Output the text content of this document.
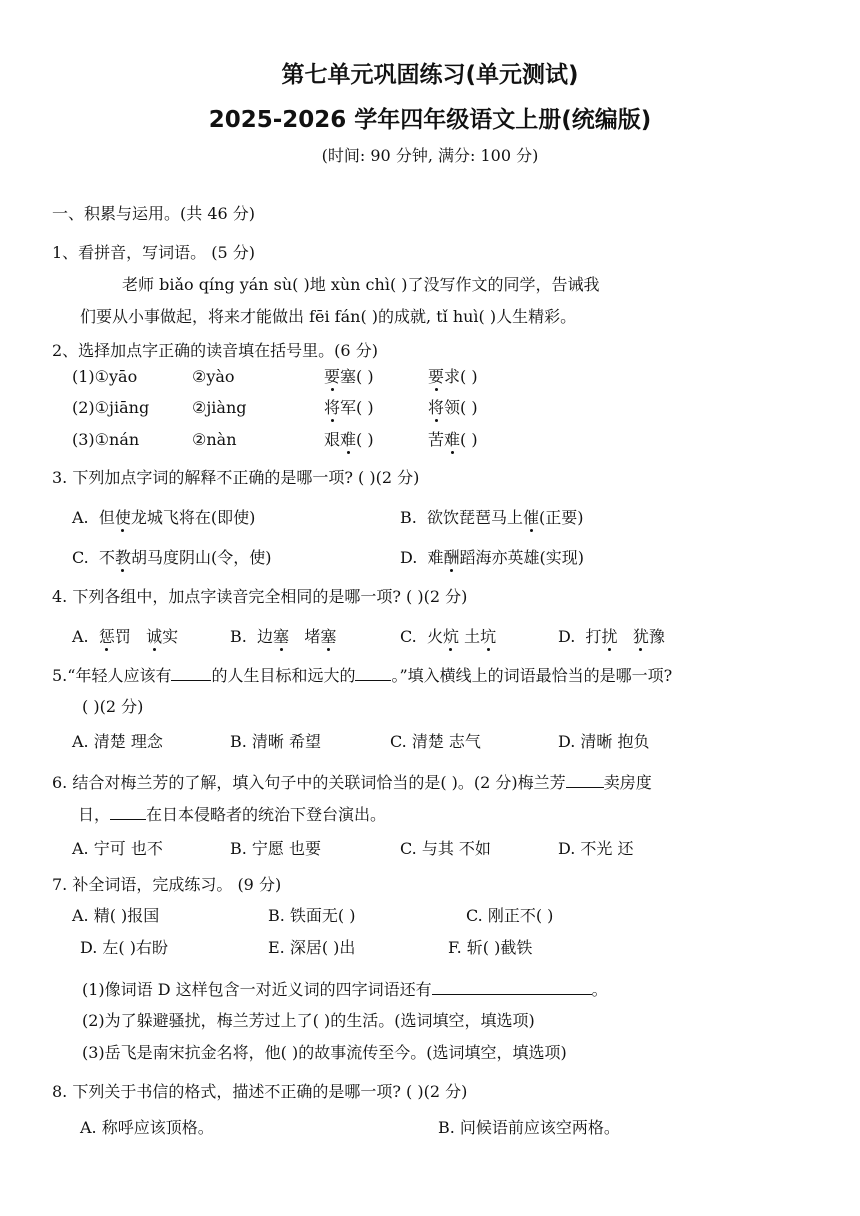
第七单元巩固练习(单元测试)
2025-2026 学年四年级语文上册(统编版)
(时间: 90 分钟, 满分: 100 分)
一、积累与运用。(共 46 分)
1、看拼音，写词语。 (5 分)
老师 biǎo qíng yán sù( )地 xùn chì( )了没写作文的同学，告诫我
们要从小事做起，将来才能做出 fēi fán( )的成就, tǐ huì( )人生精彩。
2、选择加点字正确的读音填在括号里。(6 分)
(1)①yāo	②yào	要塞( )	要求( )
(2)①jiāng	②jiàng	将军( )	将领( )
(3)①nán	②nàn	艰难( )	苦难( )
3. 下列加点字词的解释不正确的是哪一项? ( )(2 分)
A. 但使龙城飞将在(即使)	B. 欲饮琵琶马上催(正要)
C. 不教胡马度阴山(令，使)	D. 难酬蹈海亦英雄(实现)
4. 下列各组中，加点字读音完全相同的是哪一项? ( )(2 分)
A. 惩罚 诚实	B. 边塞 堵塞	C. 火炕 土坑	D. 打扰 犹豫
5.“年轻人应该有	的人生目标和远大的 。”填入横线上的词语最恰当的是哪一项?
( )(2 分)
A. 清楚 理念	B. 清晰 希望	C. 清楚 志气	D. 清晰 抱负
6. 结合对梅兰芳的了解，填入句子中的关联词恰当的是( )。(2 分)梅兰芳 卖房度
日， 在日本侵略者的统治下登台演出。
A. 宁可 也不	B. 宁愿 也要	C. 与其 不如	D. 不光 还
7. 补全词语，完成练习。 (9 分)
A. 精( )报国	B. 铁面无( )	C. 刚正不( )
D. 左( )右盼	E. 深居( )出	F. 斩( )截铁
(1)像词语 D 这样包含一对近义词的四字词语还有	。
(2)为了躲避骚扰，梅兰芳过上了( )的生活。(选词填空，填选项)
(3)岳飞是南宋抗金名将，他( )的故事流传至今。(选词填空，填选项)
8. 下列关于书信的格式，描述不正确的是哪一项? ( )(2 分)
A. 称呼应该顶格。	B. 问候语前应该空两格。
